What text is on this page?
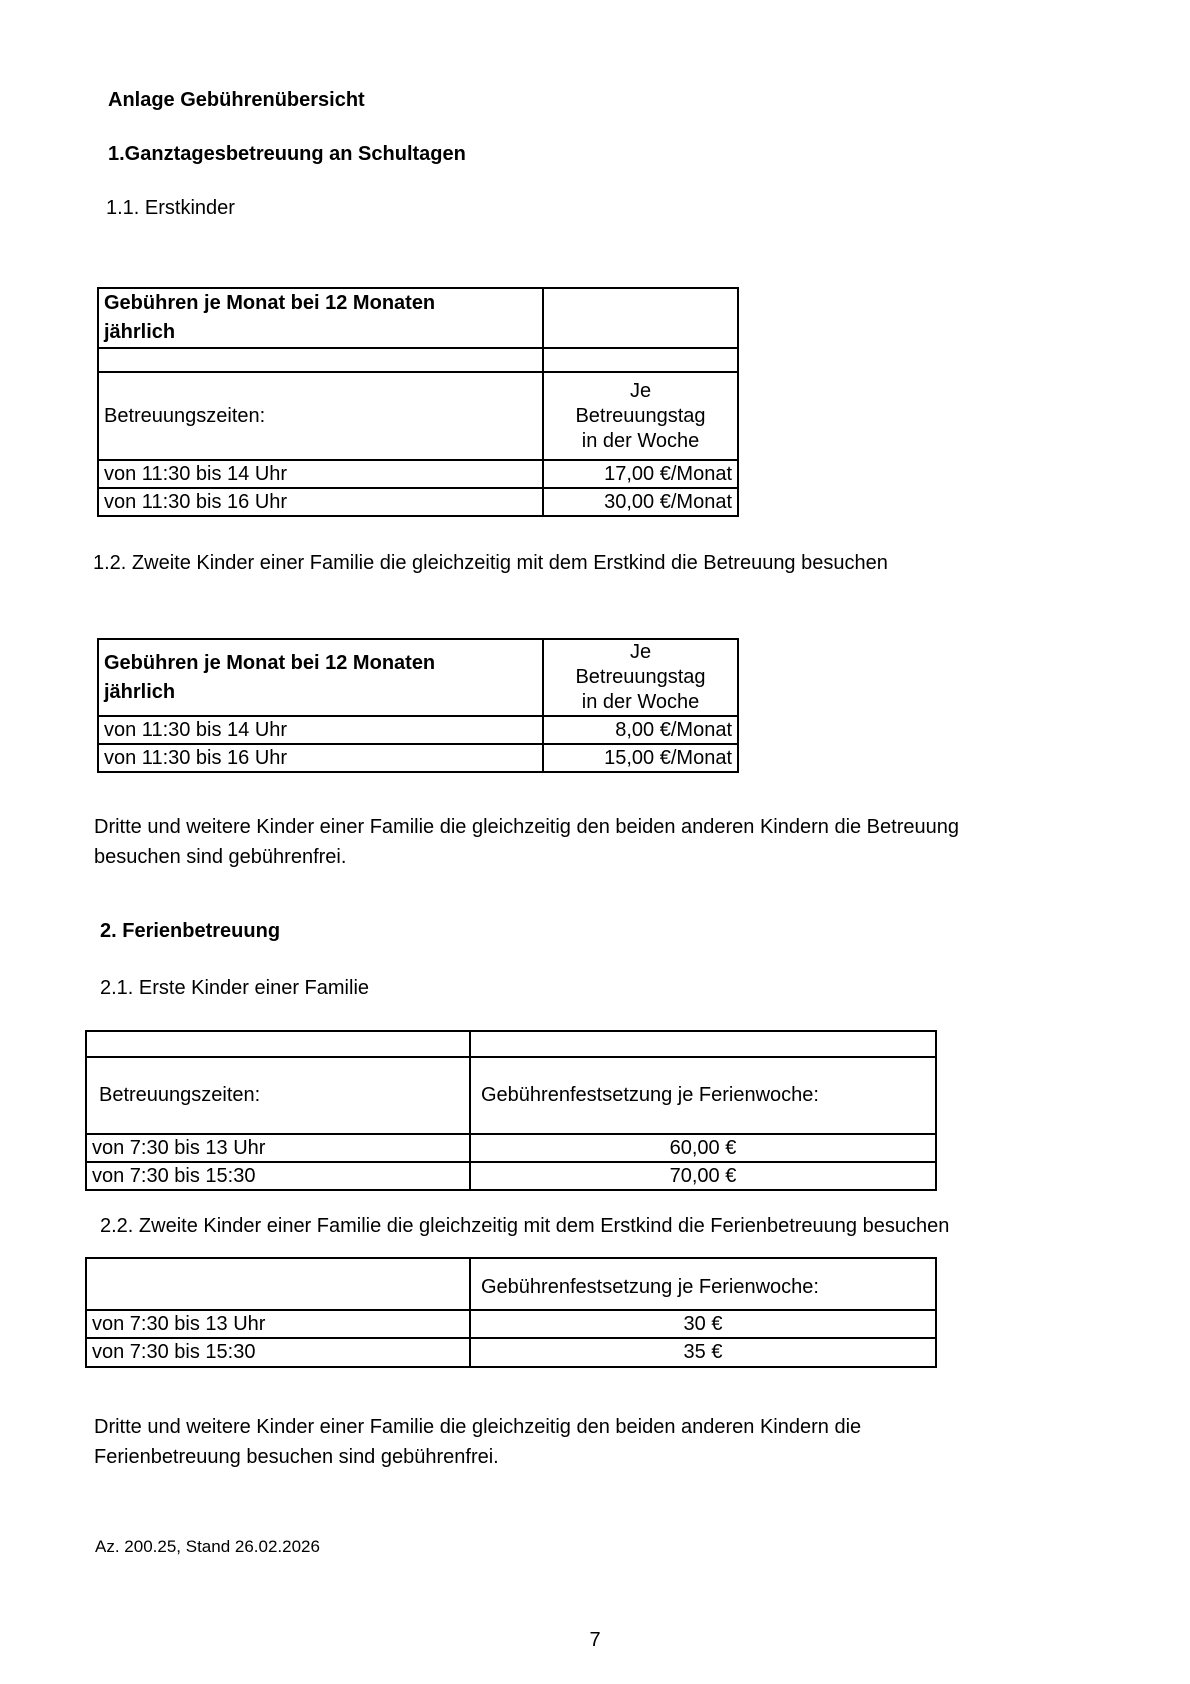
Anlage Gebührenübersicht
1.Ganztagesbetreuung an Schultagen
1.1. Erstkinder
Gebühren je Monat bei 12 Monaten jährlich	

Betreuungszeiten:	Je
Betreuungstag
in der Woche

von 11:30 bis 14 Uhr	17,00 €/Monat
von 11:30 bis 16 Uhr	30,00 €/Monat
1.2. Zweite Kinder einer Familie die gleichzeitig mit dem Erstkind die Betreuung besuchen
Gebühren je Monat bei 12 Monaten jährlich	Je
Betreuungstag
in der Woche

von 11:30 bis 14 Uhr	8,00 €/Monat
von 11:30 bis 16 Uhr	15,00 €/Monat
Dritte und weitere Kinder einer Familie die gleichzeitig den beiden anderen Kindern die Betreuung besuchen sind gebührenfrei.
2. Ferienbetreuung
2.1. Erste Kinder einer Familie

Betreuungszeiten:	Gebührenfestsetzung je Ferienwoche:
von 7:30 bis 13 Uhr	60,00 €
von 7:30 bis 15:30	70,00 €
2.2. Zweite Kinder einer Familie die gleichzeitig mit dem Erstkind die Ferienbetreuung besuchen
	Gebührenfestsetzung je Ferienwoche:
von 7:30 bis 13 Uhr	30 €
von 7:30 bis 15:30	35 €
Dritte und weitere Kinder einer Familie die gleichzeitig den beiden anderen Kindern die Ferienbetreuung besuchen sind gebührenfrei.
Az. 200.25, Stand 26.02.2026
7
